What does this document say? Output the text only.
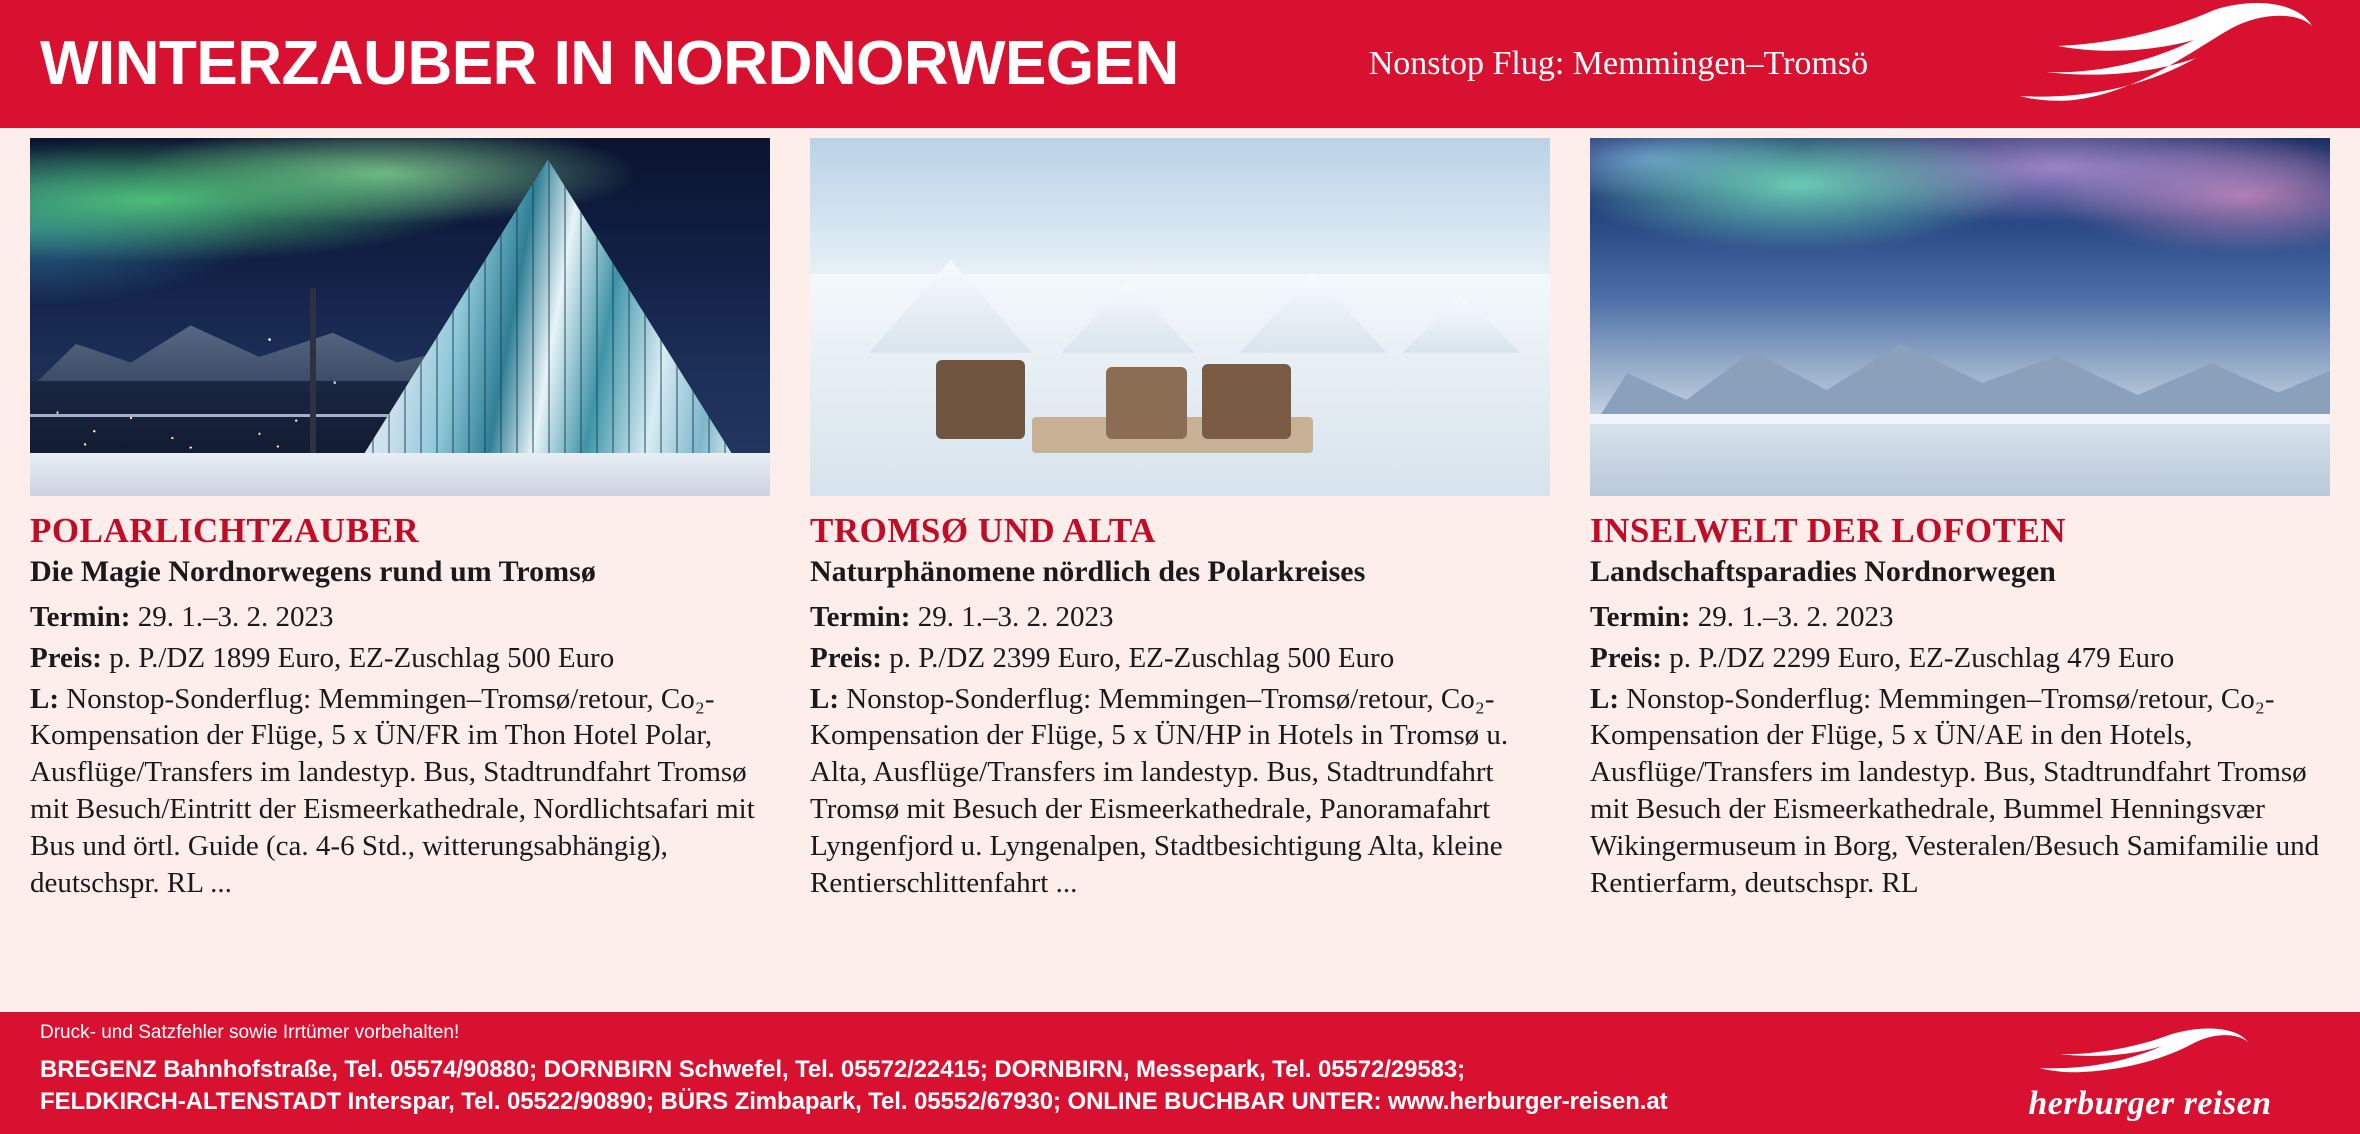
WINTERZAUBER IN NORDNORWEGEN	Nonstop Flug: Memmingen–Tromsö
POLARLICHTZAUBER
Die Magie Nordnorwegens rund um Tromsø
Termin: 29. 1.–3. 2. 2023
Preis: p. P./DZ 1899 Euro, EZ-Zuschlag 500 Euro
L: Nonstop-Sonderflug: Memmingen–Tromsø/retour, Co₂-Kompensation der Flüge, 5 x ÜN/FR im Thon Hotel Polar, Ausflüge/Transfers im landestyp. Bus, Stadtrundfahrt Tromsø mit Besuch/Eintritt der Eismeerkathedrale, Nordlichtsafari mit Bus und örtl. Guide (ca. 4-6 Std., witterungsabhängig), deutschspr. RL ...
TROMSØ UND ALTA
Naturphänomene nördlich des Polarkreises
Termin: 29. 1.–3. 2. 2023
Preis: p. P./DZ 2399 Euro, EZ-Zuschlag 500 Euro
L: Nonstop-Sonderflug: Memmingen–Tromsø/retour, Co₂-Kompensation der Flüge, 5 x ÜN/HP in Hotels in Tromsø u. Alta, Ausflüge/Transfers im landestyp. Bus, Stadtrundfahrt Tromsø mit Besuch der Eismeerkathedrale, Panoramafahrt Lyngenfjord u. Lyngenalpen, Stadtbesichtigung Alta, kleine Rentierschlittenfahrt ...
INSELWELT DER LOFOTEN
Landschaftsparadies Nordnorwegen
Termin: 29. 1.–3. 2. 2023
Preis: p. P./DZ 2299 Euro, EZ-Zuschlag 479 Euro
L: Nonstop-Sonderflug: Memmingen–Tromsø/retour, Co₂-Kompensation der Flüge, 5 x ÜN/AE in den Hotels, Ausflüge/Transfers im landestyp. Bus, Stadtrundfahrt Tromsø mit Besuch der Eismeerkathedrale, Bummel Henningsvær Wikingermuseum in Borg, Vesteralen/Besuch Samifamilie und Rentierfarm, deutschspr. RL
Druck- und Satzfehler sowie Irrtümer vorbehalten!
BREGENZ Bahnhofstraße, Tel. 05574/90880; DORNBIRN Schwefel, Tel. 05572/22415; DORNBIRN, Messepark, Tel. 05572/29583;
FELDKIRCH-ALTENSTADT Interspar, Tel. 05522/90890; BÜRS Zimbapark, Tel. 05552/67930; ONLINE BUCHBAR UNTER: www.herburger-reisen.at	herburger reisen
